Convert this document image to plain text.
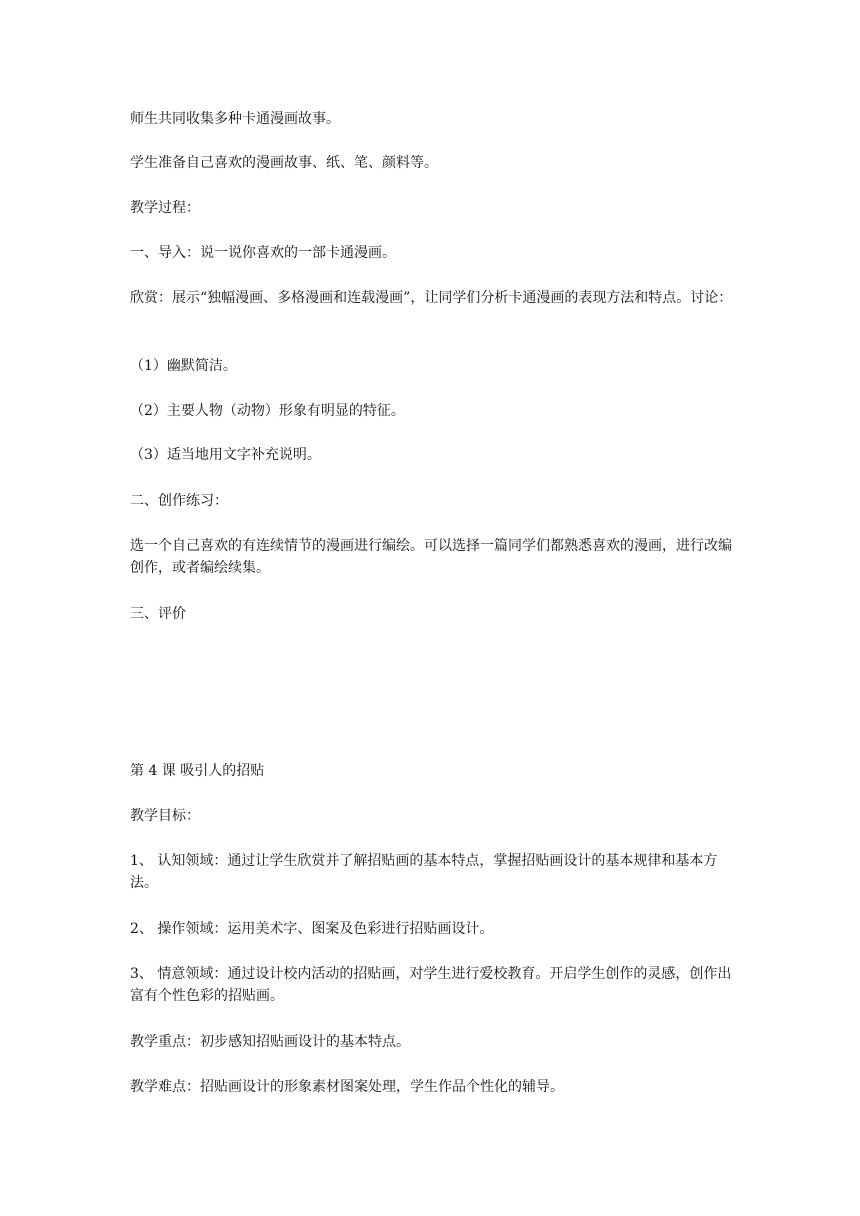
师生共同收集多种卡通漫画故事。

学生准备自己喜欢的漫画故事、纸、笔、颜料等。

教学过程：

一、导入：说一说你喜欢的一部卡通漫画。

欣赏：展示“独幅漫画、多格漫画和连载漫画”，让同学们分析卡通漫画的表现方法和特点。讨论：

（1）幽默简洁。

（2）主要人物（动物）形象有明显的特征。

（3）适当地用文字补充说明。

二、创作练习：

选一个自己喜欢的有连续情节的漫画进行编绘。可以选择一篇同学们都熟悉喜欢的漫画，进行改编创作，或者编绘续集。

三、评价

第 4 课 吸引人的招贴

教学目标：

1、 认知领域：通过让学生欣赏并了解招贴画的基本特点，掌握招贴画设计的基本规律和基本方法。

2、 操作领域：运用美术字、图案及色彩进行招贴画设计。

3、 情意领域：通过设计校内活动的招贴画，对学生进行爱校教育。开启学生创作的灵感，创作出富有个性色彩的招贴画。

教学重点：初步感知招贴画设计的基本特点。

教学难点：招贴画设计的形象素材图案处理，学生作品个性化的辅导。
